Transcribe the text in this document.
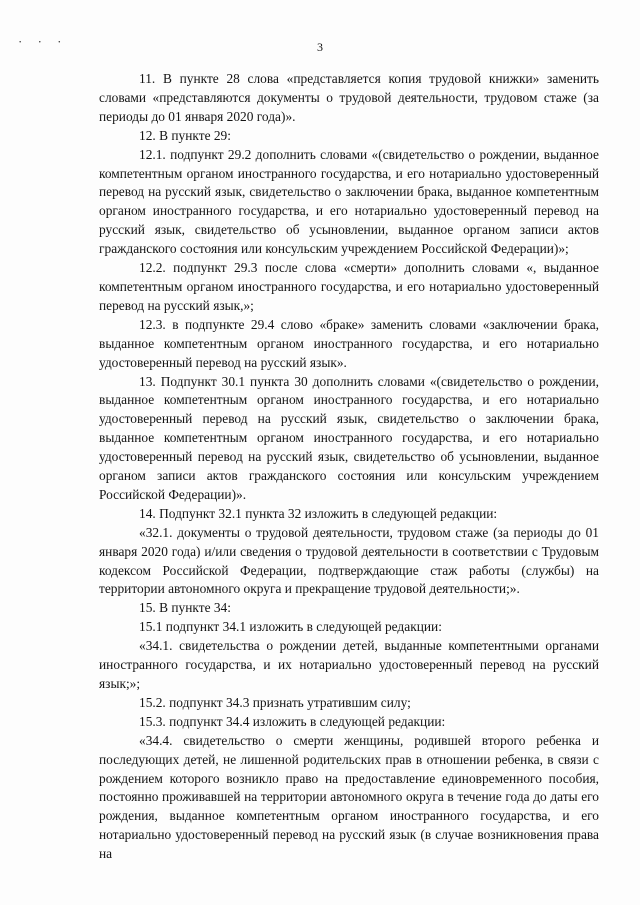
· · ·	3

11. В пункте 28 слова «представляется копия трудовой книжки» заменить словами «представляются документы о трудовой деятельности, трудовом стаже (за периоды до 01 января 2020 года)».

12. В пункте 29:

12.1. подпункт 29.2 дополнить словами «(свидетельство о рождении, выданное компетентным органом иностранного государства, и его нотариально удостоверенный перевод на русский язык, свидетельство о заключении брака, выданное компетентным органом иностранного государства, и его нотариально удостоверенный перевод на русский язык, свидетельство об усыновлении, выданное органом записи актов гражданского состояния или консульским учреждением Российской Федерации)»;

12.2. подпункт 29.3 после слова «смерти» дополнить словами «, выданное компетентным органом иностранного государства, и его нотариально удостоверенный перевод на русский язык,»;

12.3. в подпункте 29.4 слово «браке» заменить словами «заключении брака, выданное компетентным органом иностранного государства, и его нотариально удостоверенный перевод на русский язык».

13. Подпункт 30.1 пункта 30 дополнить словами «(свидетельство о рождении, выданное компетентным органом иностранного государства, и его нотариально удостоверенный перевод на русский язык, свидетельство о заключении брака, выданное компетентным органом иностранного государства, и его нотариально удостоверенный перевод на русский язык, свидетельство об усыновлении, выданное органом записи актов гражданского состояния или консульским учреждением Российской Федерации)».

14. Подпункт 32.1 пункта 32 изложить в следующей редакции:

«32.1. документы о трудовой деятельности, трудовом стаже (за периоды до 01 января 2020 года) и/или сведения о трудовой деятельности в соответствии с Трудовым кодексом Российской Федерации, подтверждающие стаж работы (службы) на территории автономного округа и прекращение трудовой деятельности;».

15. В пункте 34:

15.1 подпункт 34.1 изложить в следующей редакции:

«34.1. свидетельства о рождении детей, выданные компетентными органами иностранного государства, и их нотариально удостоверенный перевод на русский язык;»;

15.2. подпункт 34.3 признать утратившим силу;

15.3. подпункт 34.4 изложить в следующей редакции:

«34.4. свидетельство о смерти женщины, родившей второго ребенка и последующих детей, не лишенной родительских прав в отношении ребенка, в связи с рождением которого возникло право на предоставление единовременного пособия, постоянно проживавшей на территории автономного округа в течение года до даты его рождения, выданное компетентным органом иностранного государства, и его нотариально удостоверенный перевод на русский язык (в случае возникновения права на
